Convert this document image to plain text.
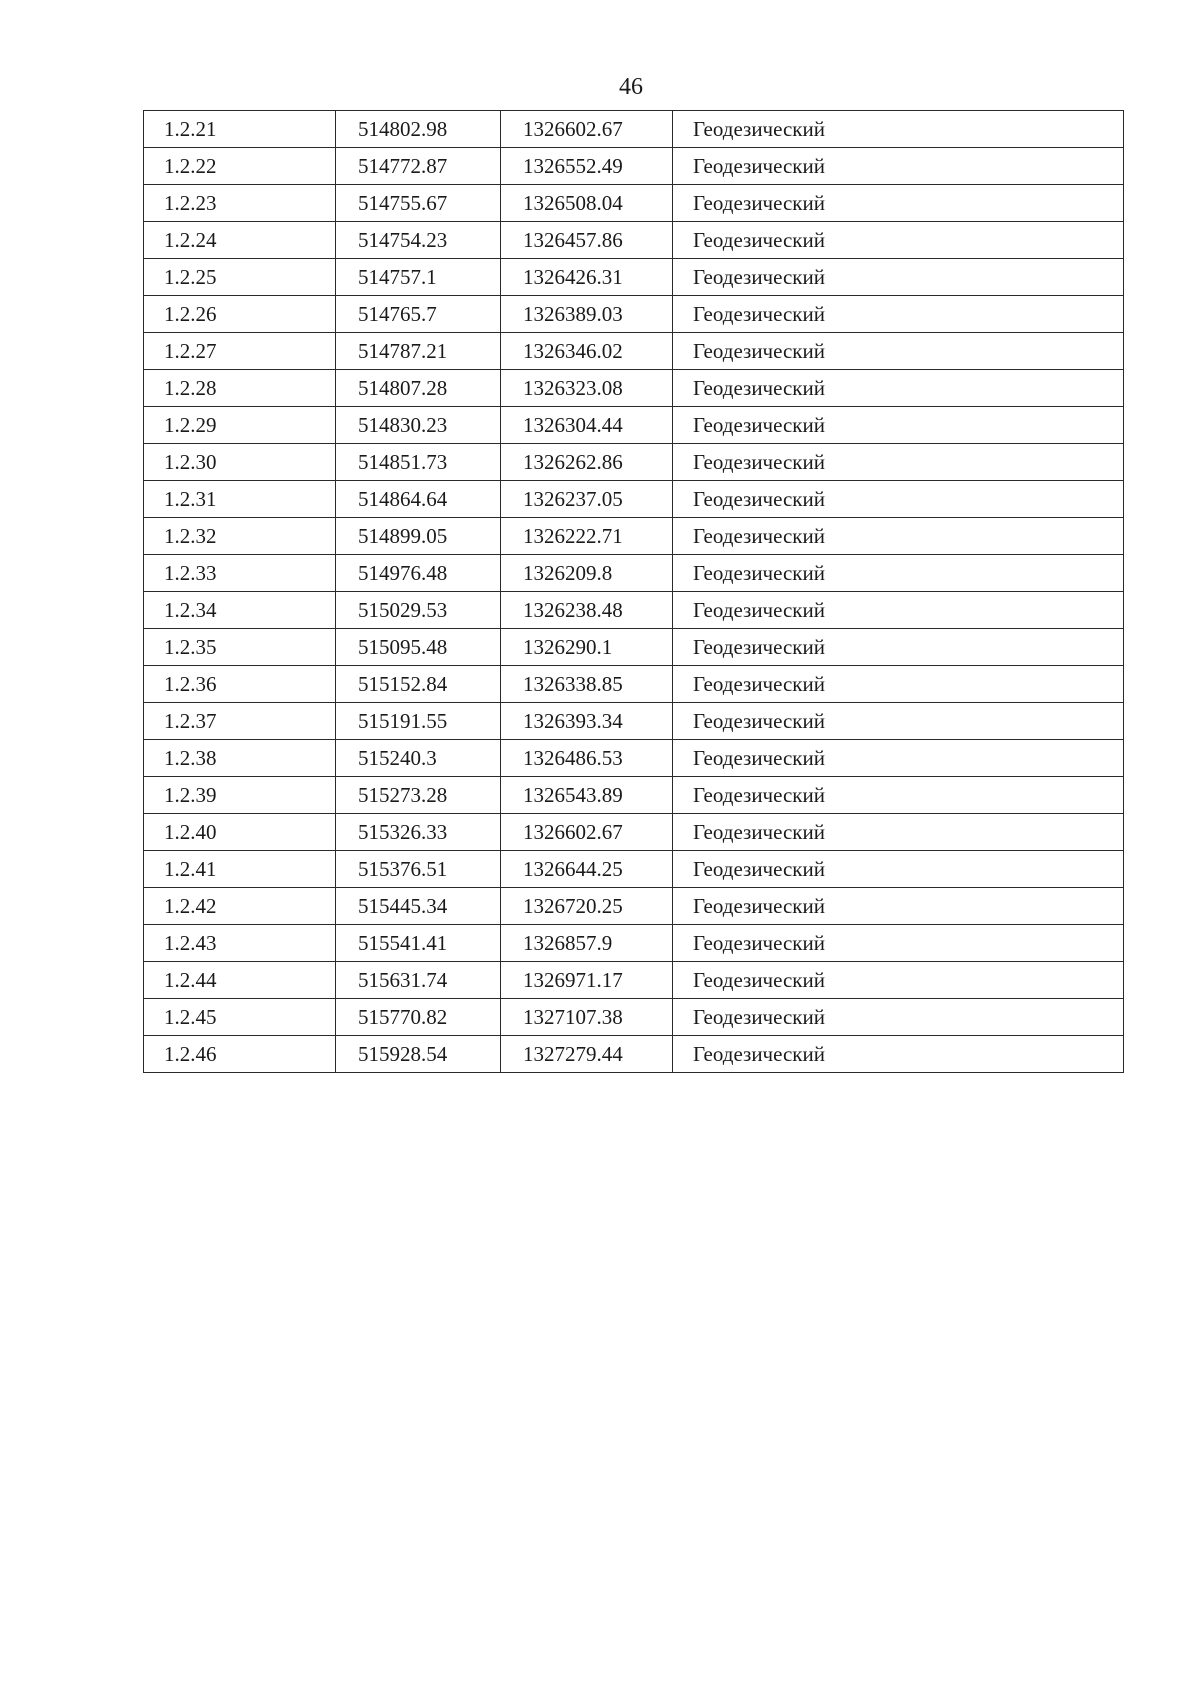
46
1.2.21	514802.98	1326602.67	Геодезический
1.2.22	514772.87	1326552.49	Геодезический
1.2.23	514755.67	1326508.04	Геодезический
1.2.24	514754.23	1326457.86	Геодезический
1.2.25	514757.1	1326426.31	Геодезический
1.2.26	514765.7	1326389.03	Геодезический
1.2.27	514787.21	1326346.02	Геодезический
1.2.28	514807.28	1326323.08	Геодезический
1.2.29	514830.23	1326304.44	Геодезический
1.2.30	514851.73	1326262.86	Геодезический
1.2.31	514864.64	1326237.05	Геодезический
1.2.32	514899.05	1326222.71	Геодезический
1.2.33	514976.48	1326209.8	Геодезический
1.2.34	515029.53	1326238.48	Геодезический
1.2.35	515095.48	1326290.1	Геодезический
1.2.36	515152.84	1326338.85	Геодезический
1.2.37	515191.55	1326393.34	Геодезический
1.2.38	515240.3	1326486.53	Геодезический
1.2.39	515273.28	1326543.89	Геодезический
1.2.40	515326.33	1326602.67	Геодезический
1.2.41	515376.51	1326644.25	Геодезический
1.2.42	515445.34	1326720.25	Геодезический
1.2.43	515541.41	1326857.9	Геодезический
1.2.44	515631.74	1326971.17	Геодезический
1.2.45	515770.82	1327107.38	Геодезический
1.2.46	515928.54	1327279.44	Геодезический
